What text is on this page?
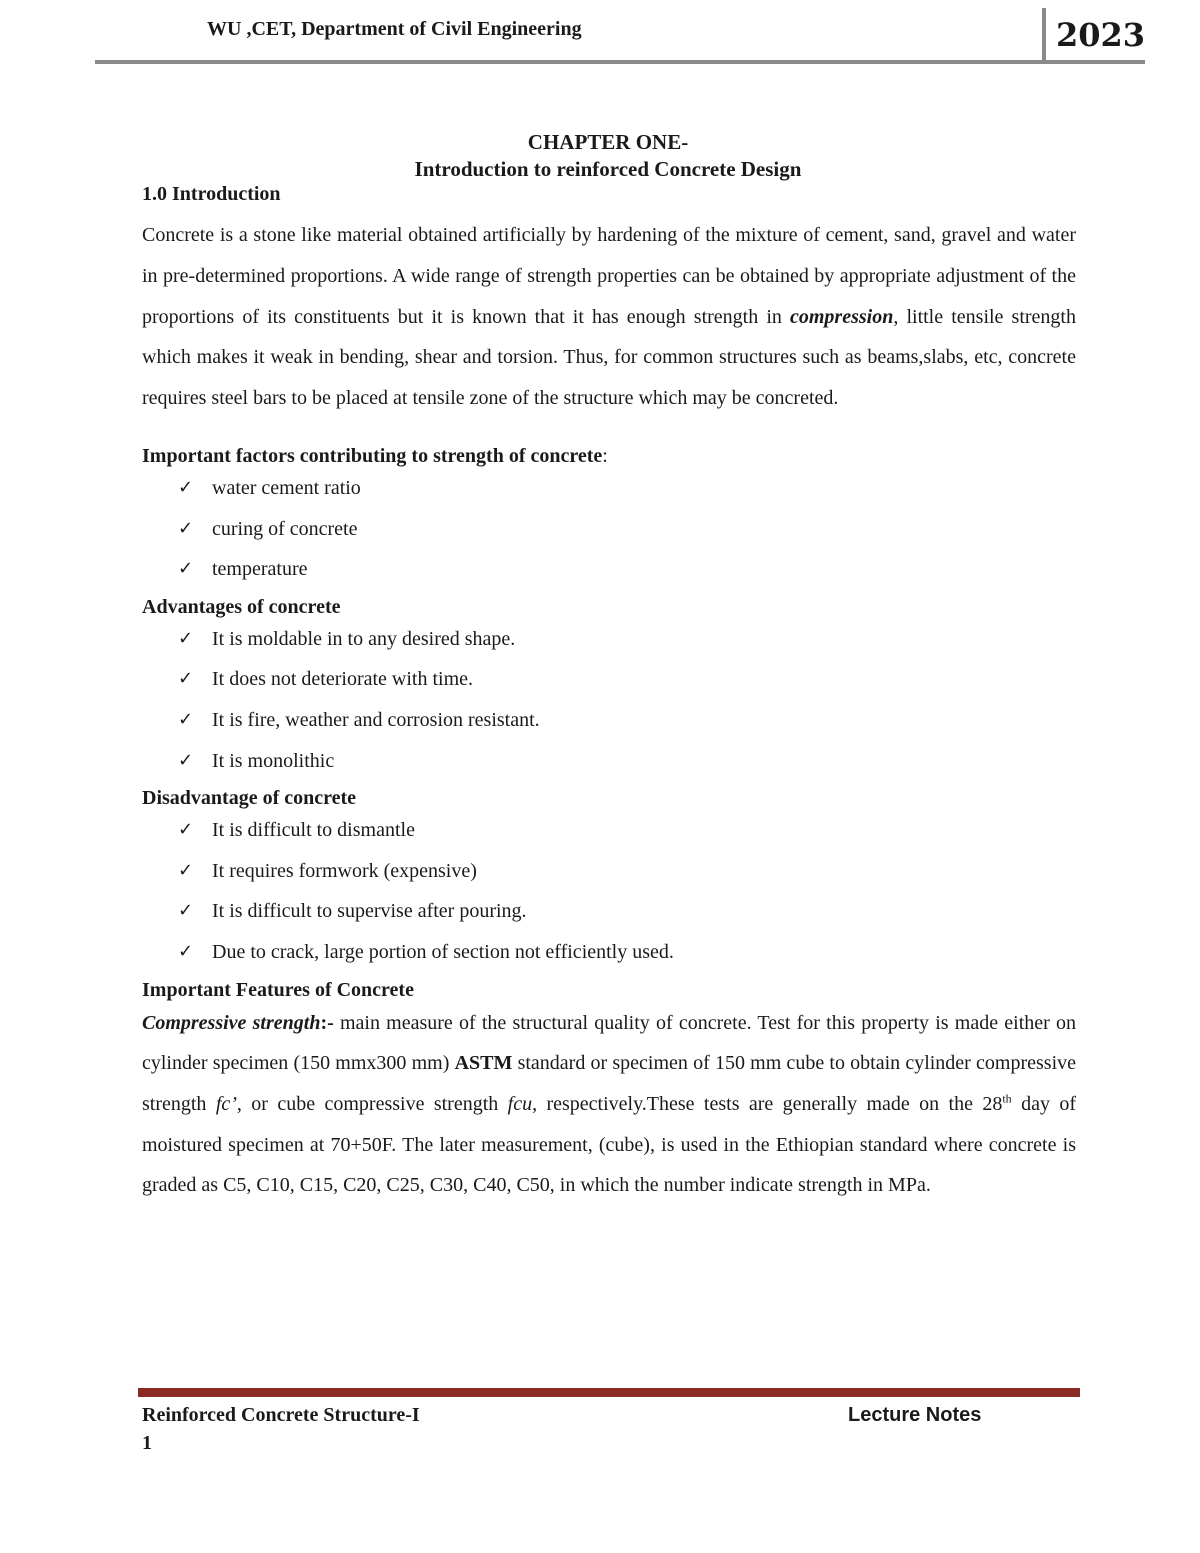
WU ,CET, Department of Civil Engineering	2023
CHAPTER ONE-
Introduction to reinforced Concrete Design
1.0 Introduction

Concrete is a stone like material obtained artificially by hardening of the mixture of cement, sand, gravel and water in pre-determined proportions. A wide range of strength properties can be obtained by appropriate adjustment of the proportions of its constituents but it is known that it has enough strength in compression, little tensile strength which makes it weak in bending, shear and torsion. Thus, for common structures such as beams,slabs, etc, concrete requires steel bars to be placed at tensile zone of the structure which may be concreted.

Important factors contributing to strength of concrete:
✓ water cement ratio
✓ curing of concrete
✓ temperature
Advantages of concrete
✓ It is moldable in to any desired shape.
✓ It does not deteriorate with time.
✓ It is fire, weather and corrosion resistant.
✓ It is monolithic
Disadvantage of concrete
✓ It is difficult to dismantle
✓ It requires formwork (expensive)
✓ It is difficult to supervise after pouring.
✓ Due to crack, large portion of section not efficiently used.
Important Features of Concrete

Compressive strength:- main measure of the structural quality of concrete. Test for this property is made either on cylinder specimen (150 mmx300 mm) ASTM standard or specimen of 150 mm cube to obtain cylinder compressive strength fc’, or cube compressive strength fcu, respectively.These tests are generally made on the 28th day of moistured specimen at 70+50F. The later measurement, (cube), is used in the Ethiopian standard where concrete is graded as C5, C10, C15, C20, C25, C30, C40, C50, in which the number indicate strength in MPa.

Reinforced Concrete Structure-I	Lecture Notes
1
